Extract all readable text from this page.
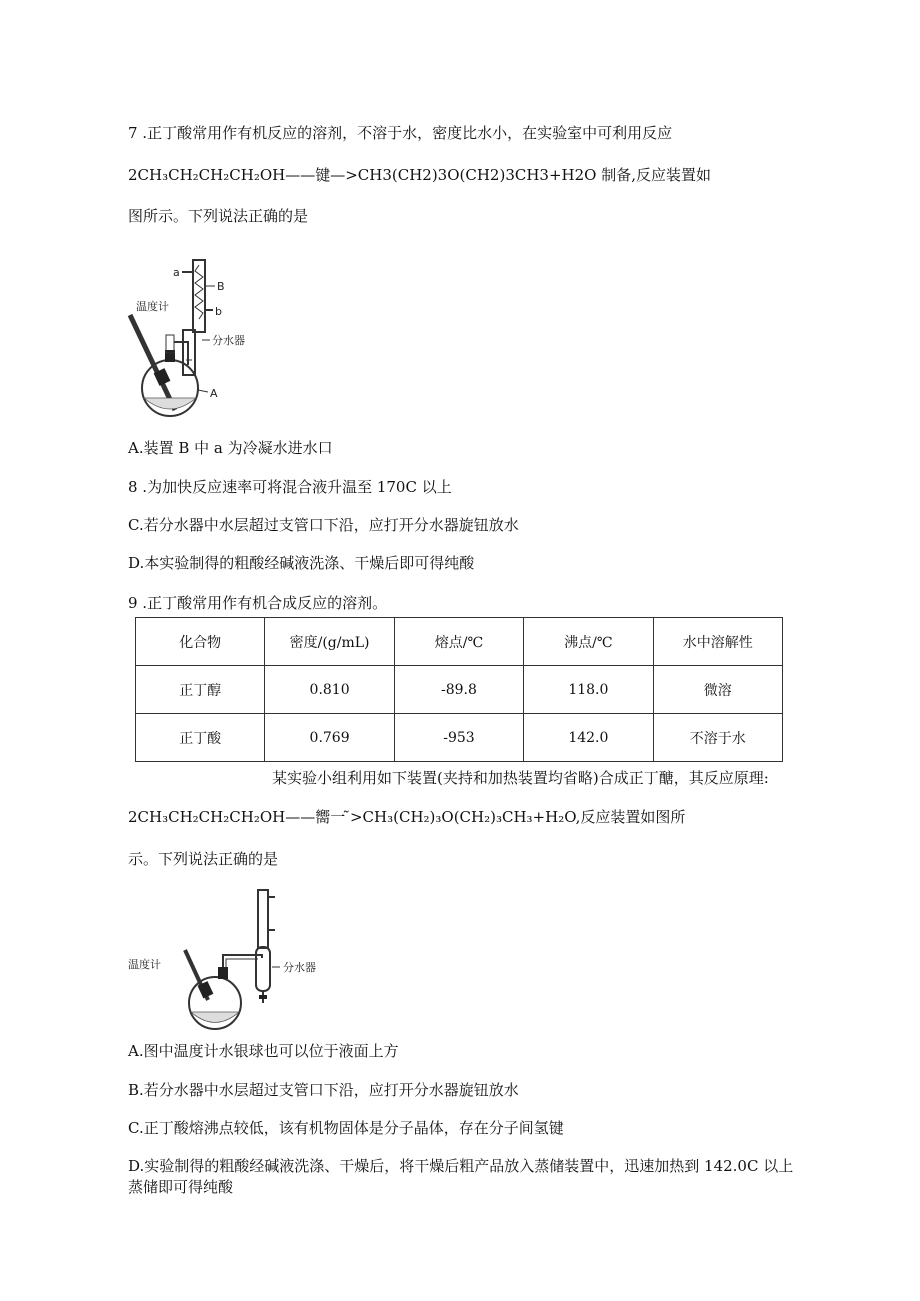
7 .正丁酸常用作有机反应的溶剂，不溶于水，密度比水小，在实验室中可利用反应
2CH₃CH₂CH₂CH₂OH——键—>CH3(CH2)3O(CH2)3CH3+H2O 制备,反应装置如
图所示。下列说法正确的是
a
B
b
温度计
分水器
A
A.装置 B 中 a 为冷凝水进水口
8 .为加快反应速率可将混合液升温至 170C 以上
C.若分水器中水层超过支管口下沿，应打开分水器旋钮放水
D.本实验制得的粗酸经碱液洗涤、干燥后即可得纯酸
9 .正丁酸常用作有机合成反应的溶剂。
化合物	密度/(g/mL)	熔点/℃	沸点/℃	水中溶解性
正丁醇	0.810	-89.8	118.0	微溶
正丁酸	0.769	-953	142.0	不溶于水
某实验小组利用如下装置(夹持和加热装置均省略)合成正丁醣，其反应原理:
2CH₃CH₂CH₂CH₂OH——嚮一 ̃>CH₃(CH₂)₃O(CH₂)₃CH₃+H₂O,反应装置如图所
示。下列说法正确的是
温度计	分水器
A.图中温度计水银球也可以位于液面上方
B.若分水器中水层超过支管口下沿，应打开分水器旋钮放水
C.正丁酸熔沸点较低，该有机物固体是分子晶体，存在分子间氢键
D.实验制得的粗酸经碱液洗涤、干燥后，将干燥后粗产品放入蒸储装置中，迅速加热到 142.0C 以上
蒸储即可得纯酸
